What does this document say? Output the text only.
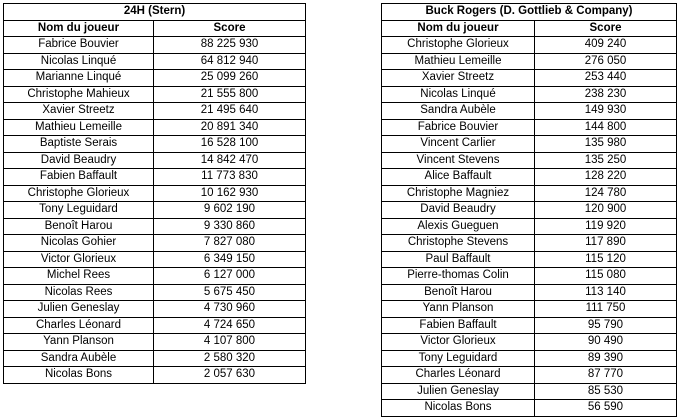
24H (Stern)	
Nom du joueur	Score
Fabrice Bouvier	88 225 930
Nicolas Linqué	64 812 940
Marianne Linqué	25 099 260
Christophe Mahieux	21 555 800
Xavier Streetz	21 495 640
Mathieu Lemeille	20 891 340
Baptiste Serais	16 528 100
David Beaudry	14 842 470
Fabien Baffault	11 773 830
Christophe Glorieux	10 162 930
Tony Leguidard	9 602 190
Benoît Harou	9 330 860
Nicolas Gohier	7 827 080
Victor Glorieux	6 349 150
Michel Rees	6 127 000
Nicolas Rees	5 675 450
Julien Geneslay	4 730 960
Charles Léonard	4 724 650
Yann Planson	4 107 800
Sandra Aubèle	2 580 320
Nicolas Bons	2 057 630
Buck Rogers (D. Gottlieb & Company)	
Nom du joueur	Score
Christophe Glorieux	409 240
Mathieu Lemeille	276 050
Xavier Streetz	253 440
Nicolas Linqué	238 230
Sandra Aubèle	149 930
Fabrice Bouvier	144 800
Vincent Carlier	135 980
Vincent Stevens	135 250
Alice Baffault	128 220
Christophe Magniez	124 780
David Beaudry	120 900
Alexis Gueguen	119 920
Christophe Stevens	117 890
Paul Baffault	115 120
Pierre-thomas Colin	115 080
Benoît Harou	113 140
Yann Planson	111 750
Fabien Baffault	95 790
Victor Glorieux	90 490
Tony Leguidard	89 390
Charles Léonard	87 770
Julien Geneslay	85 530
Nicolas Bons	56 590
